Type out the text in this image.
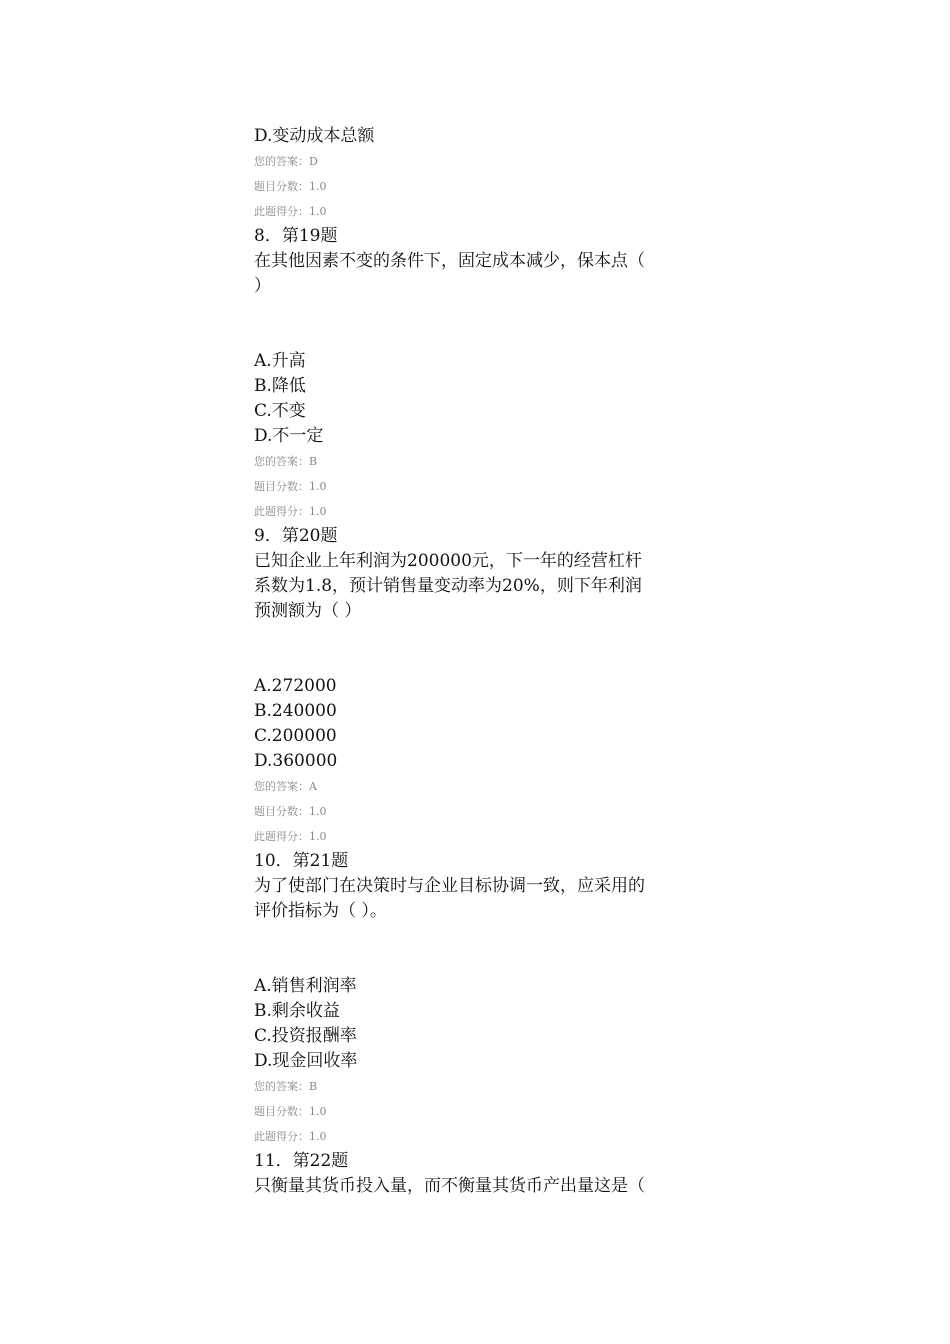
D.变动成本总额
您的答案：D
题目分数：1.0
此题得分：1.0
8．第19题
在其他因素不变的条件下，固定成本减少，保本点（
）
A.升高
B.降低
C.不变
D.不一定
您的答案：B
题目分数：1.0
此题得分：1.0
9．第20题
已知企业上年利润为200000元，下一年的经营杠杆
系数为1.8，预计销售量变动率为20%，则下年利润
预测额为（ ）
A.272000
B.240000
C.200000
D.360000
您的答案：A
题目分数：1.0
此题得分：1.0
10．第21题
为了使部门在决策时与企业目标协调一致，应采用的
评价指标为（ ）。
A.销售利润率
B.剩余收益
C.投资报酬率
D.现金回收率
您的答案：B
题目分数：1.0
此题得分：1.0
11．第22题
只衡量其货币投入量，而不衡量其货币产出量这是（
